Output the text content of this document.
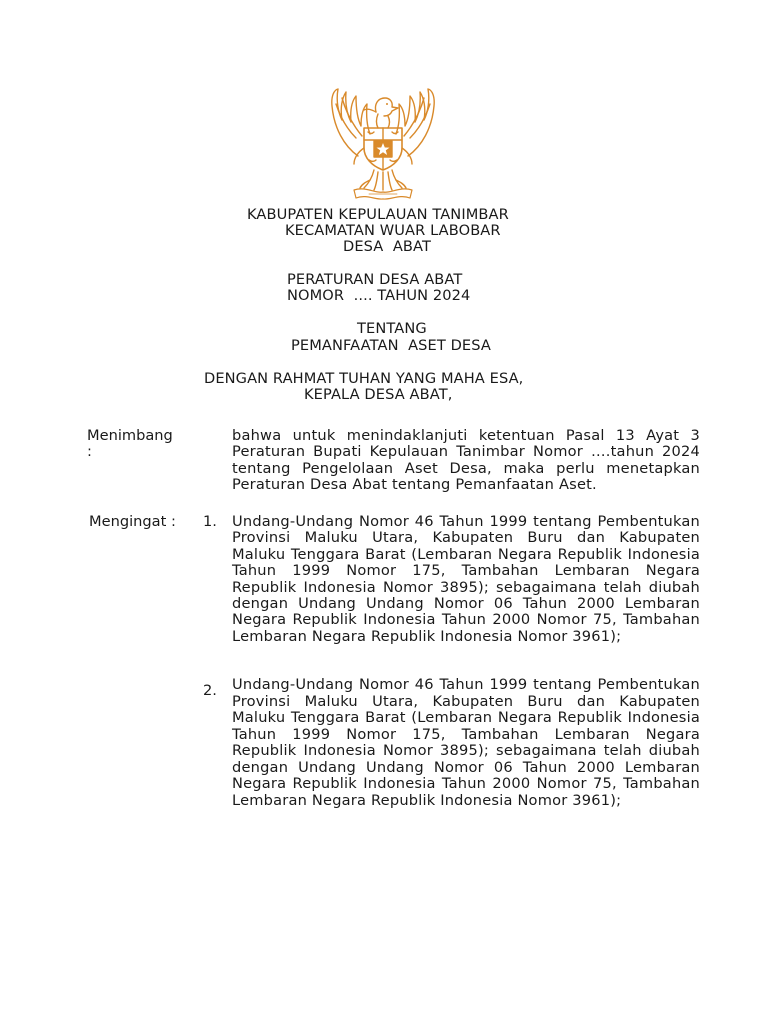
KABUPATEN KEPULAUAN TANIMBAR
KECAMATAN WUAR LABOBAR
DESA  ABAT
PERATURAN DESA ABAT
NOMOR  .... TAHUN 2024
TENTANG
PEMANFAATAN  ASET DESA
DENGAN RAHMAT TUHAN YANG MAHA ESA,
KEPALA DESA ABAT,
Menimbang
:
bahwa untuk menindaklanjuti ketentuan Pasal 13 Ayat 3 Peraturan Bupati Kepulauan Tanimbar Nomor ….tahun 2024 tentang Pengelolaan Aset Desa, maka perlu menetapkan Peraturan Desa Abat tentang Pemanfaatan Aset.
Mengingat : 1. Undang-Undang Nomor 46 Tahun 1999 tentang Pembentukan Provinsi Maluku Utara, Kabupaten Buru dan Kabupaten Maluku Tenggara Barat (Lembaran Negara Republik Indonesia Tahun 1999 Nomor 175, Tambahan Lembaran Negara Republik Indonesia Nomor 3895); sebagaimana telah diubah dengan Undang Undang Nomor 06 Tahun 2000 Lembaran Negara Republik Indonesia Tahun 2000 Nomor 75, Tambahan Lembaran Negara Republik Indonesia Nomor 3961);
2. Undang-Undang Nomor 46 Tahun 1999 tentang Pembentukan Provinsi Maluku Utara, Kabupaten Buru dan Kabupaten Maluku Tenggara Barat (Lembaran Negara Republik Indonesia Tahun 1999 Nomor 175, Tambahan Lembaran Negara Republik Indonesia Nomor 3895); sebagaimana telah diubah dengan Undang Undang Nomor 06 Tahun 2000 Lembaran Negara Republik Indonesia Tahun 2000 Nomor 75, Tambahan Lembaran Negara Republik Indonesia Nomor 3961);
